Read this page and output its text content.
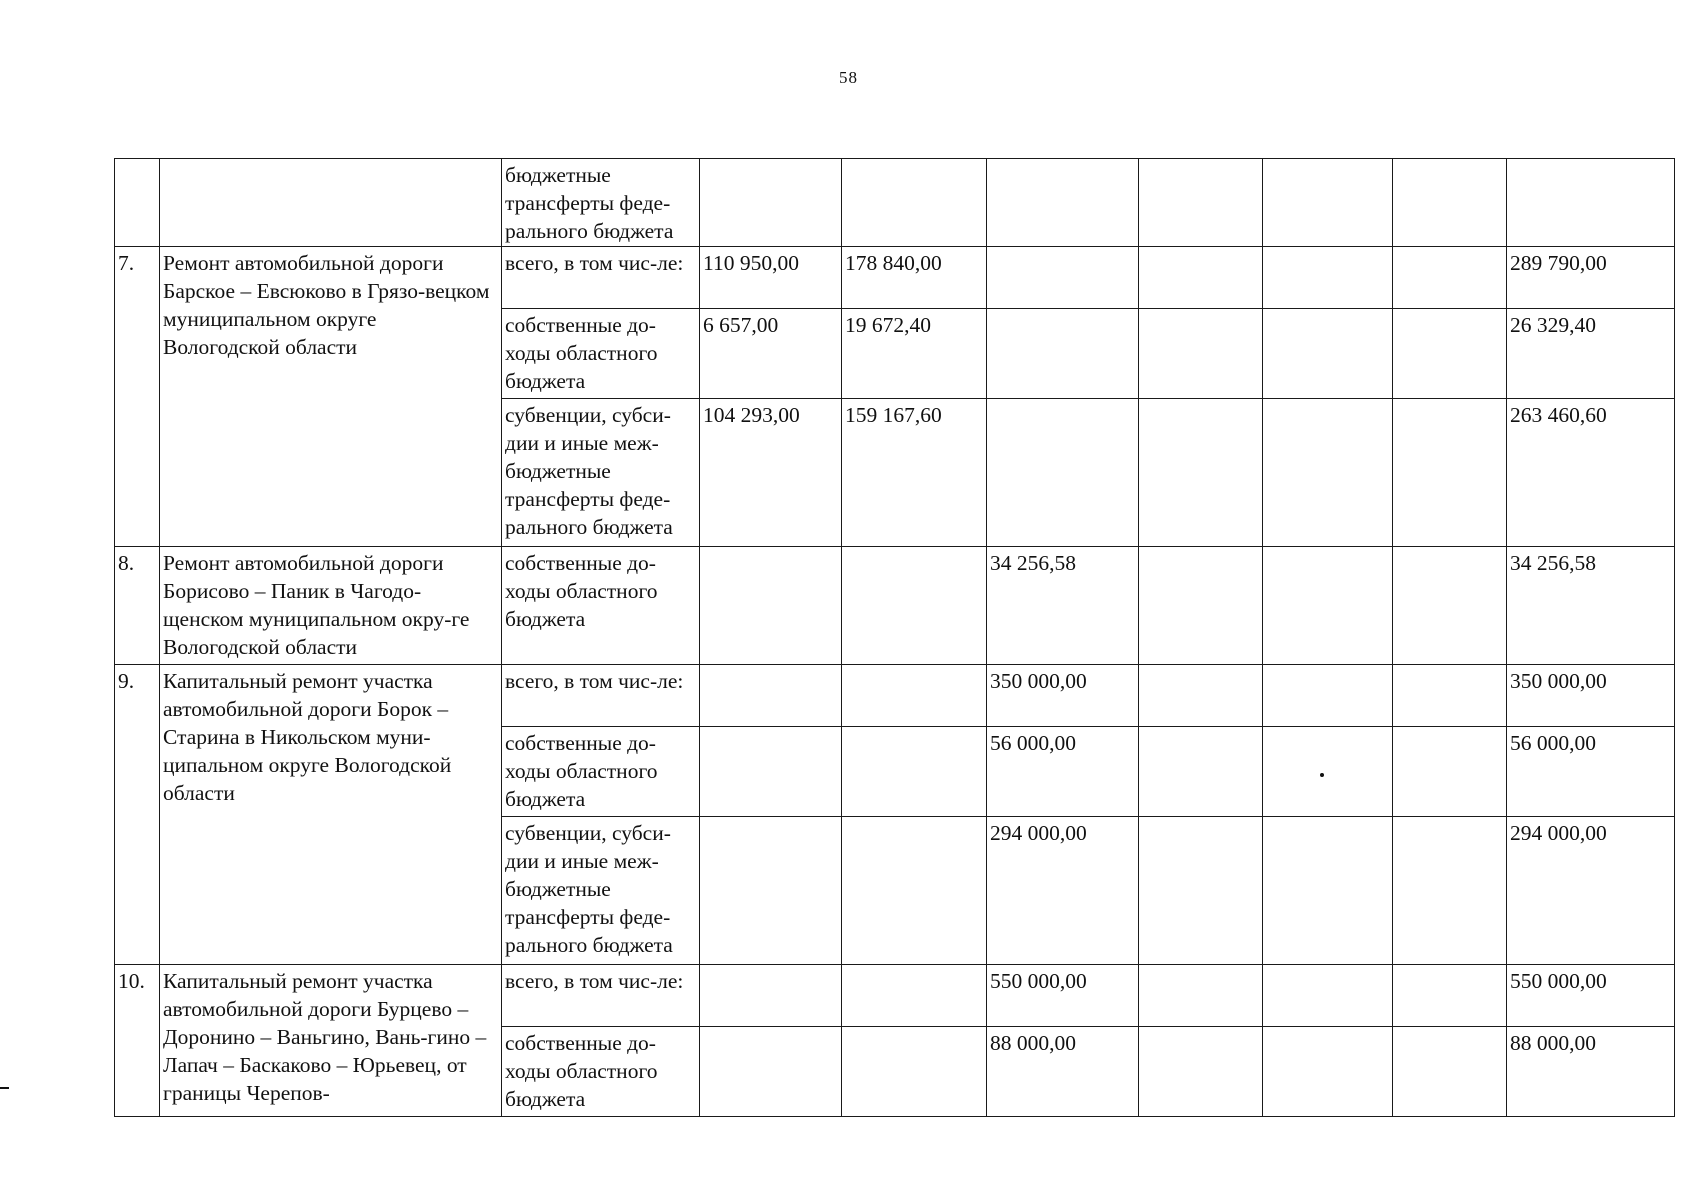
58
		бюджетные трансферты феде-ральногo бюджета							
7.	Ремонт автомобильной дороги Барское – Евсюково в Грязо-вецком муниципальном округе Вологодской области	всего, в том чис-ле:	110 950,00	178 840,00					289 790,00
		собственные до-ходы областного бюджета	6 657,00	19 672,40					26 329,40
		субвенции, субси-дии и иные меж-бюджетные трансферты феде-рального бюджета	104 293,00	159 167,60					263 460,60
8.	Ремонт автомобильной дороги Борисово – Паник в Чагодо-щенском муниципальном окру-ге Вологодской области	собственные до-ходы областного бюджета			34 256,58				34 256,58
9.	Капитальный ремонт участка автомобильной дороги Борок – Старина в Никольском муни-ципальном округе Вологодской области	всего, в том чис-ле:			350 000,00				350 000,00
		собственные до-ходы областного бюджета			56 000,00				56 000,00
		субвенции, субси-дии и иные меж-бюджетные трансферты феде-рального бюджета			294 000,00				294 000,00
10.	Капитальный ремонт участка автомобильной дороги Бурцево – Доронино – Ваньгино, Вань-гино – Лапач – Баскаково – Юрьевец, от границы Черепов-	всего, в том чис-ле:			550 000,00				550 000,00
		собственные до-ходы областного бюджета			88 000,00				88 000,00
